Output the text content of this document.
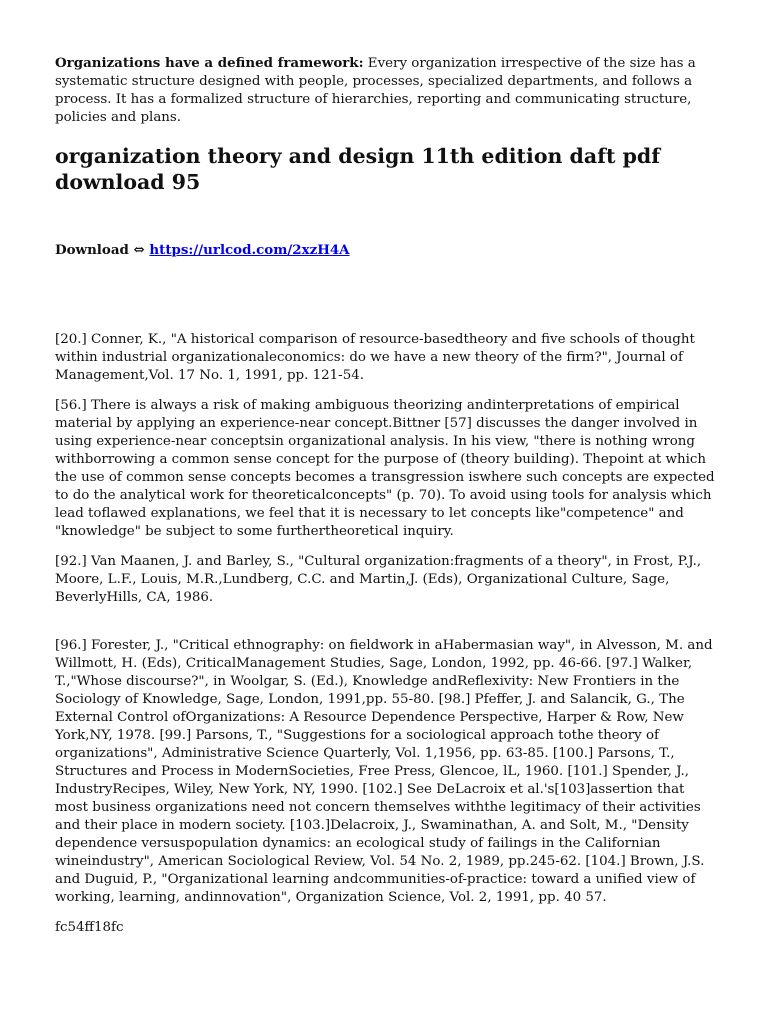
Organizations have a defined framework: Every organization irrespective of the size has a systematic structure designed with people, processes, specialized departments, and follows a process. It has a formalized structure of hierarchies, reporting and communicating structure, policies and plans.

organization theory and design 11th edition daft pdf download 95

Download ⇔ https://urlcod.com/2xzH4A

[20.] Conner, K., "A historical comparison of resource-basedtheory and five schools of thought within industrial organizationaleconomics: do we have a new theory of the firm?", Journal of Management,Vol. 17 No. 1, 1991, pp. 121-54.

[56.] There is always a risk of making ambiguous theorizing andinterpretations of empirical material by applying an experience-near concept.Bittner [57] discusses the danger involved in using experience-near conceptsin organizational analysis. In his view, "there is nothing wrong withborrowing a common sense concept for the purpose of (theory building). Thepoint at which the use of common sense concepts becomes a transgression iswhere such concepts are expected to do the analytical work for theoreticalconcepts" (p. 70). To avoid using tools for analysis which lead toflawed explanations, we feel that it is necessary to let concepts like"competence" and "knowledge" be subject to some furthertheoretical inquiry.

[92.] Van Maanen, J. and Barley, S., "Cultural organization:fragments of a theory", in Frost, P.J., Moore, L.F., Louis, M.R.,Lundberg, C.C. and Martin,J. (Eds), Organizational Culture, Sage, BeverlyHills, CA, 1986.

[96.] Forester, J., "Critical ethnography: on fieldwork in aHabermasian way", in Alvesson, M. and Willmott, H. (Eds), CriticalManagement Studies, Sage, London, 1992, pp. 46-66. [97.] Walker, T.,"Whose discourse?", in Woolgar, S. (Ed.), Knowledge andReflexivity: New Frontiers in the Sociology of Knowledge, Sage, London, 1991,pp. 55-80. [98.] Pfeffer, J. and Salancik, G., The External Control ofOrganizations: A Resource Dependence Perspective, Harper & Row, New York,NY, 1978. [99.] Parsons, T., "Suggestions for a sociological approach tothe theory of organizations", Administrative Science Quarterly, Vol. 1,1956, pp. 63-85. [100.] Parsons, T., Structures and Process in ModernSocieties, Free Press, Glencoe, lL, 1960. [101.] Spender, J., IndustryRecipes, Wiley, New York, NY, 1990. [102.] See DeLacroix et al.'s[103]assertion that most business organizations need not concern themselves withthe legitimacy of their activities and their place in modern society. [103.]Delacroix, J., Swaminathan, A. and Solt, M., "Density dependence versuspopulation dynamics: an ecological study of failings in the Californian wineindustry", American Sociological Review, Vol. 54 No. 2, 1989, pp.245-62. [104.] Brown, J.S. and Duguid, P., "Organizational learning andcommunities-of-practice: toward a unified view of working, learning, andinnovation", Organization Science, Vol. 2, 1991, pp. 40 57.

fc54ff18fc
